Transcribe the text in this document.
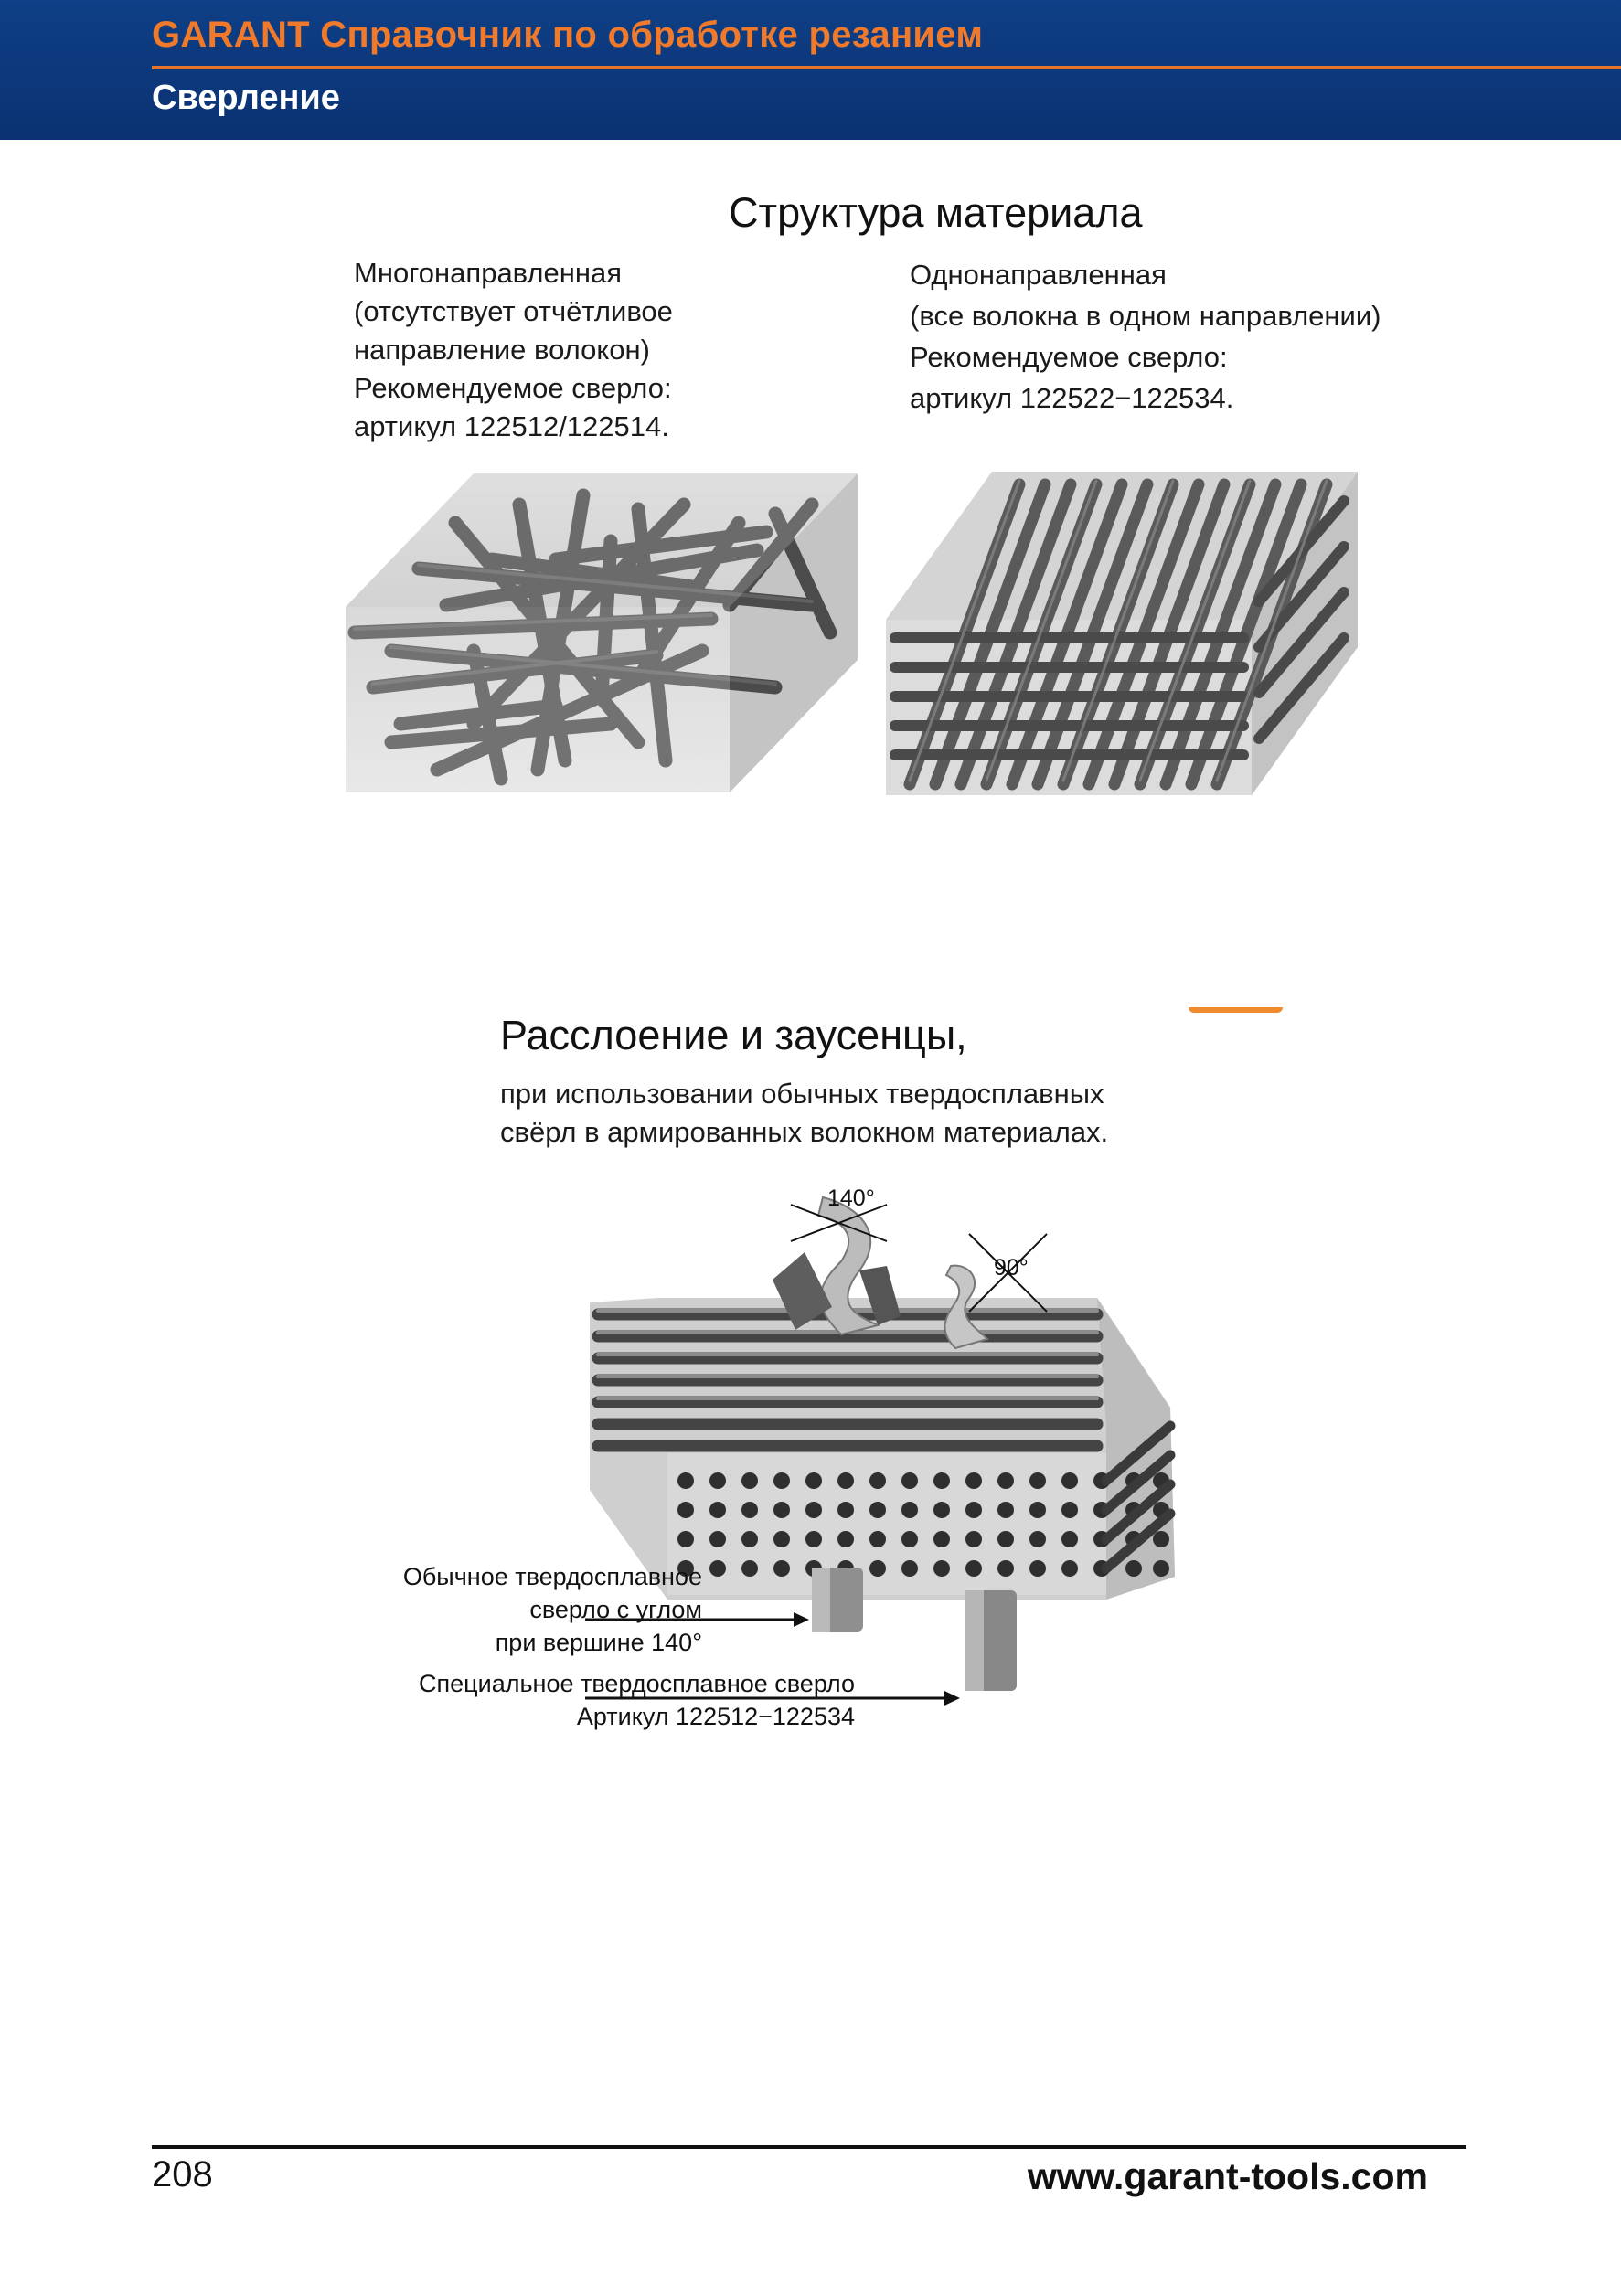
GARANT Справочник по обработке резанием
Сверление
Структура материала
Многонаправленная
(отсутствует отчётливое
направление волокон)
Рекомендуемое сверло:
артикул 122512/122514.
Однонаправленная
(все волокна в одном направлении)
Рекомендуемое сверло:
артикул 122522−122534.
Расслоение и заусенцы,
при использовании обычных твердосплавных
свёрл в армированных волокном материалах.
140°
90°
Обычное твердосплавное
сверло с углом
при вершине 140°
Специальное твердосплавное сверло
Артикул 122512−122534
208	www.garant-tools.com
